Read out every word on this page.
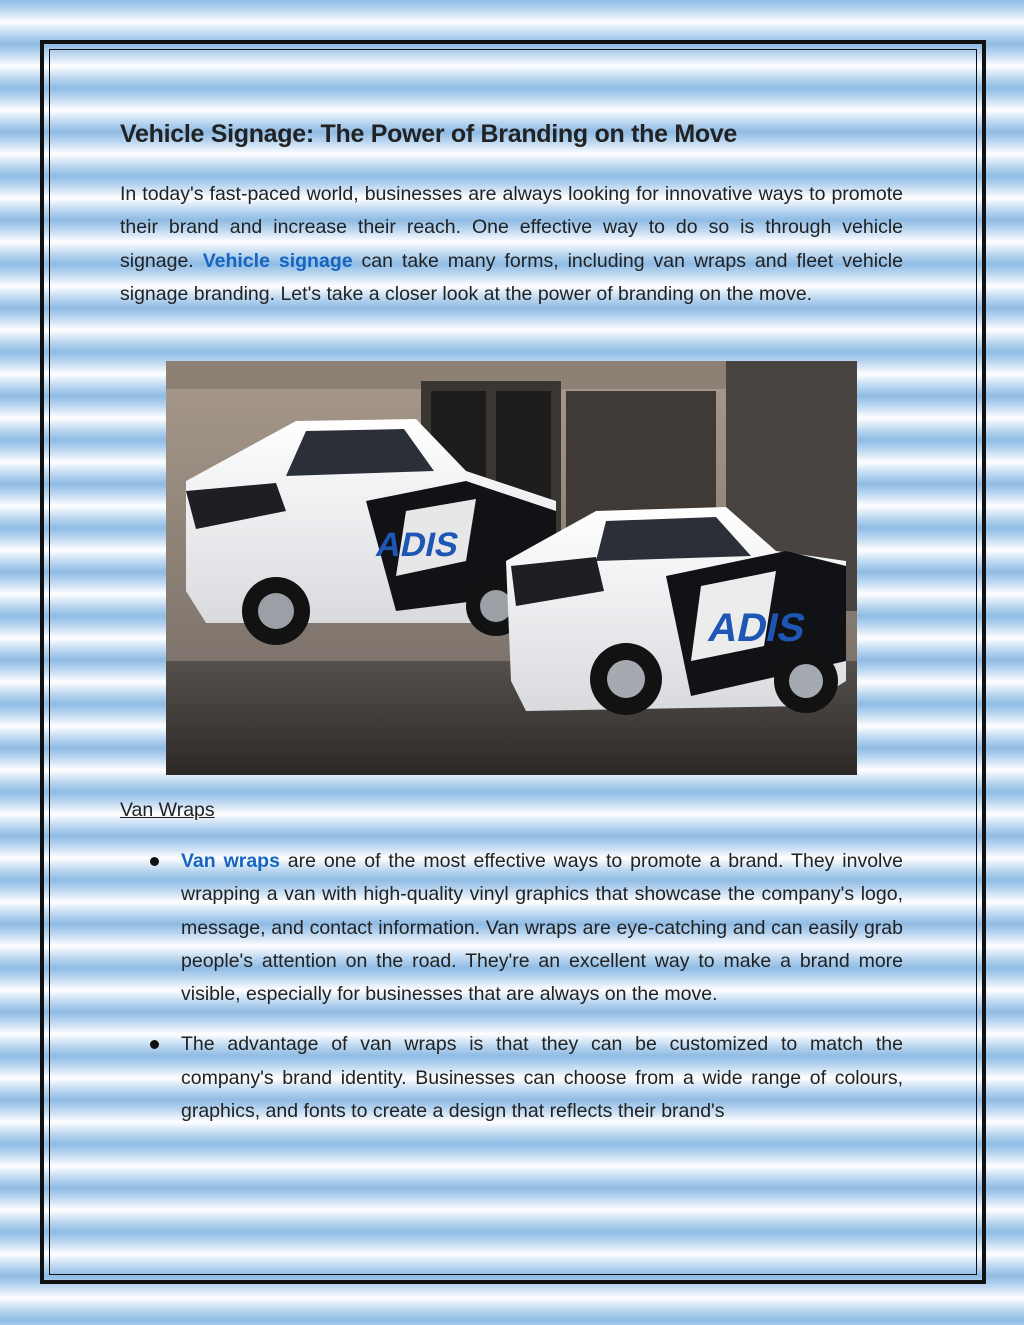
Vehicle Signage: The Power of Branding on the Move

In today's fast-paced world, businesses are always looking for innovative ways to promote their brand and increase their reach. One effective way to do so is through vehicle signage. Vehicle signage can take many forms, including van wraps and fleet vehicle signage branding. Let's take a closer look at the power of branding on the move.

ADIS
ADIS

Van Wraps

Van wraps are one of the most effective ways to promote a brand. They involve wrapping a van with high-quality vinyl graphics that showcase the company's logo, message, and contact information. Van wraps are eye-catching and can easily grab people's attention on the road. They're an excellent way to make a brand more visible, especially for businesses that are always on the move.
The advantage of van wraps is that they can be customized to match the company's brand identity. Businesses can choose from a wide range of colours, graphics, and fonts to create a design that reflects their brand's
